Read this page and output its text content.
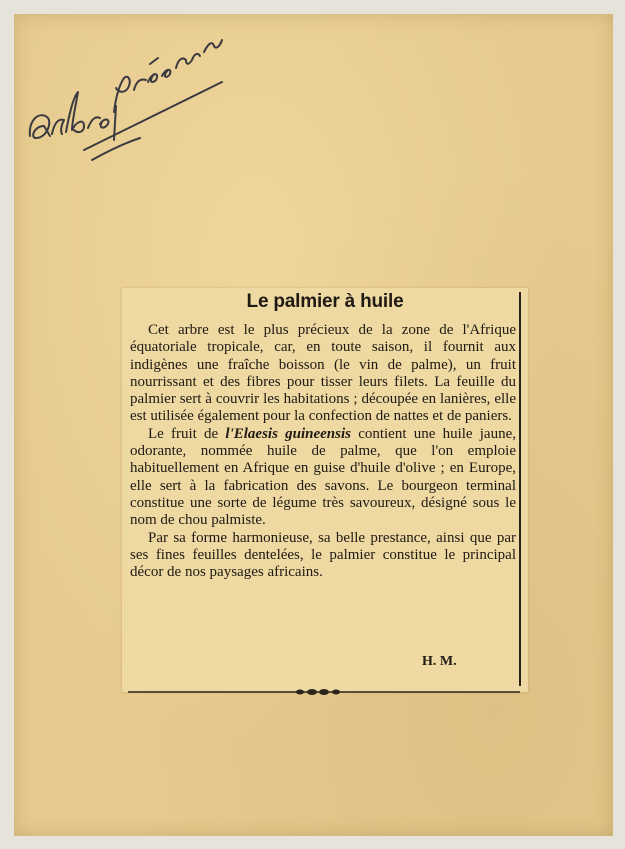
Le palmier à huile

Cet arbre est le plus précieux de la zone de l'Afrique équatoriale tropicale, car, en toute saison, il fournit aux indigènes une fraîche boisson (le vin de palme), un fruit nourrissant et des fibres pour tisser leurs filets. La feuille du palmier sert à couvrir les habitations ; découpée en lanières, elle est utilisée également pour la confection de nattes et de paniers.

Le fruit de l'Elaesis guineensis contient une huile jaune, odorante, nommée huile de palme, que l'on emploie habituellement en Afrique en guise d'huile d'olive ; en Europe, elle sert à la fabrication des savons. Le bourgeon terminal constitue une sorte de légume très savoureux, désigné sous le nom de chou palmiste.

Par sa forme harmonieuse, sa belle prestance, ainsi que par ses fines feuilles dentelées, le palmier constitue le principal décor de nos paysages africains.

H. M.
